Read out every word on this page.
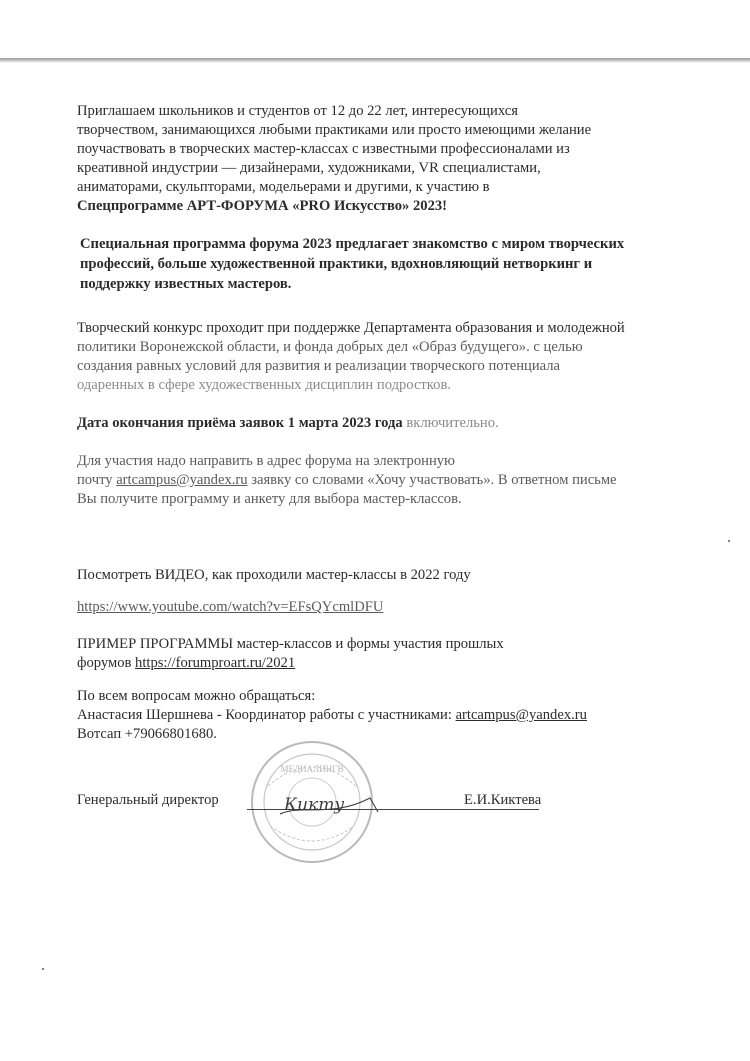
Приглашаем школьников и студентов от 12 до 22 лет, интересующихся

творчеством, занимающихся любыми практиками или просто имеющими желание

поучаствовать в творческих мастер-классах с известными профессионалами из

креативной индустрии — дизайнерами, художниками, VR специалистами,

аниматорами, скульпторами, модельерами и другими, к участию в

Спецпрограмме АРТ-ФОРУМА «PRO Искусство» 2023!

Специальная программа форума 2023 предлагает знакомство с миром творческих

профессий, больше художественной практики, вдохновляющий нетворкинг и

поддержку известных мастеров.

Творческий конкурс проходит при поддержке Департамента образования и молодежной

политики Воронежской области, и фонда добрых дел «Образ будущего». с целью

создания равных условий для развития и реализации творческого потенциала

одаренных в сфере художественных дисциплин подростков.

Дата окончания приёма заявок 1 марта 2023 года включительно.

Для участия надо направить в адрес форума на электронную

почту artcampus@yandex.ru заявку со словами «Хочу участвовать». В ответном письме

Вы получите программу и анкету для выбора мастер-классов.

Посмотреть ВИДЕО, как проходили мастер-классы в 2022 году

https://www.youtube.com/watch?v=EFsQYcmlDFU

ПРИМЕР ПРОГРАММЫ мастер-классов и формы участия прошлых

форумов https://forumproart.ru/2021

По всем вопросам можно обращаться:

Анастасия Шершнева - Координатор работы с участниками: artcampus@yandex.ru

Вотсап +79066801680.

МЕДИАЛИНГВ
Генеральный директор	Кикту	Е.И.Киктева
